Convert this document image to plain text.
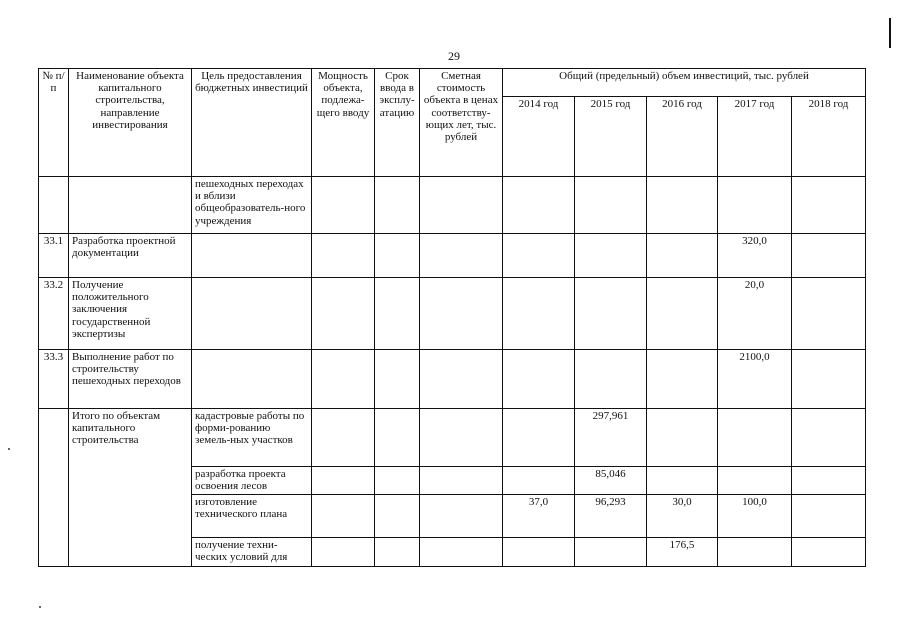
29
№ п/п	Наименование объекта капитального строительства, направление инвестирования	Цель предоставления бюджетных инвестиций	Мощность объекта, подлежа-щего вводу	Срок ввода в эксплу-атацию	Сметная стоимость объекта в ценах соответству-ющих лет, тыс. рублей	Общий (предельный) объем инвестиций, тыс. рублей				
						2014 год	2015 год	2016 год	2017 год	2018 год
		пешеходных переходах и вблизи общеобразователь-ного учреждения								
33.1	Разработка проектной документации								320,0	
33.2	Получение положительного заключения государственной экспертизы								20,0	
33.3	Выполнение работ по строительству пешеходных переходов								2100,0	
	Итого по объектам капитального строительства	кадастровые работы по форми-рованию земель-ных участков					297,961			
		разработка проекта освоения лесов					85,046			
		изготовление технического плана				37,0	96,293	30,0	100,0	
		получение техни-ческих условий для						176,5		
